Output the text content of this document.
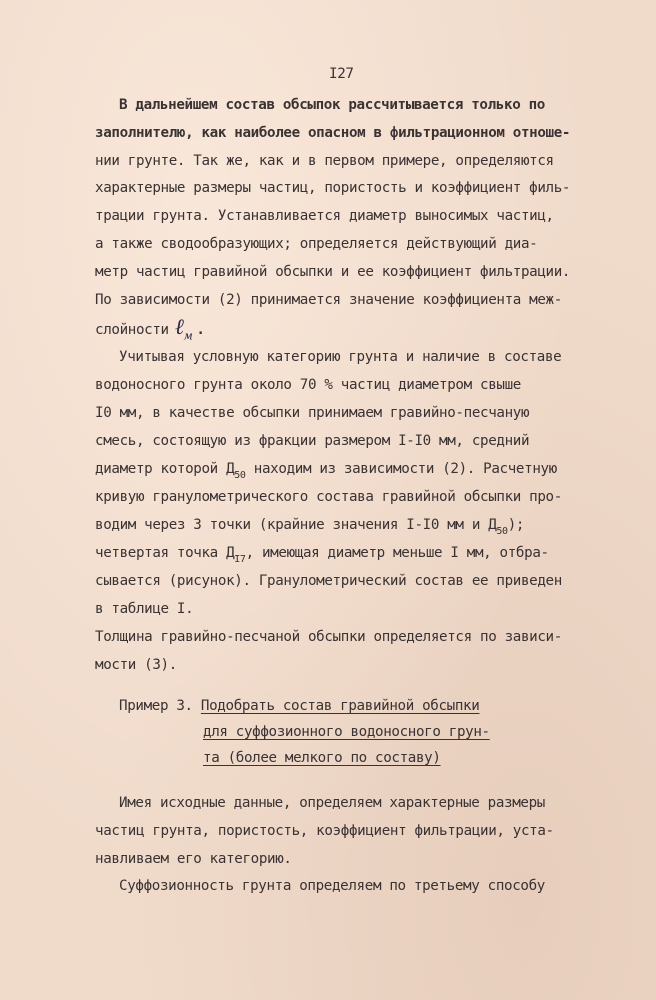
I27
В дальнейшем состав обсыпок рассчитывается только по
заполнителю, как наиболее опасном в фильтрационном отноше-
нии грунте. Так же, как и в первом примере, определяются
характерные размеры частиц, пористость и коэффициент филь-
трации грунта. Устанавливается диаметр выносимых частиц,
а также сводообразующих; определяется действующий диа-
метр частиц гравийной обсыпки и ее коэффициент фильтрации.
По зависимости (2) принимается значение коэффициента меж-
слойности ℓ$_м$ .
Учитывая условную категорию грунта и наличие в составе
водоносного грунта около 70 % частиц диаметром свыше
I0 мм, в качестве обсыпки принимаем гравийно-песчаную
смесь, состоящую из фракции размером I-I0 мм, средний
диаметр которой $Д_{50}$ находим из зависимости (2). Расчетную
кривую гранулометрического состава гравийной обсыпки про-
водим через 3 точки (крайние значения I-I0 мм и $Д_{50}$);
четвертая точка $Д_{I7}$, имеющая диаметр меньше I мм, отбра-
сывается (рисунок). Гранулометрический состав ее приведен
в таблице I.
Толщина гравийно-песчаной обсыпки определяется по зависи-
мости (3).
Пример 3. Подобрать состав гравийной обсыпки
для суффозионного водоносного грун-
та (более мелкого по составу)
Имея исходные данные, определяем характерные размеры
частиц грунта, пористость, коэффициент фильтрации, уста-
навливаем его категорию.
Суффозионность грунта определяем по третьему способу
